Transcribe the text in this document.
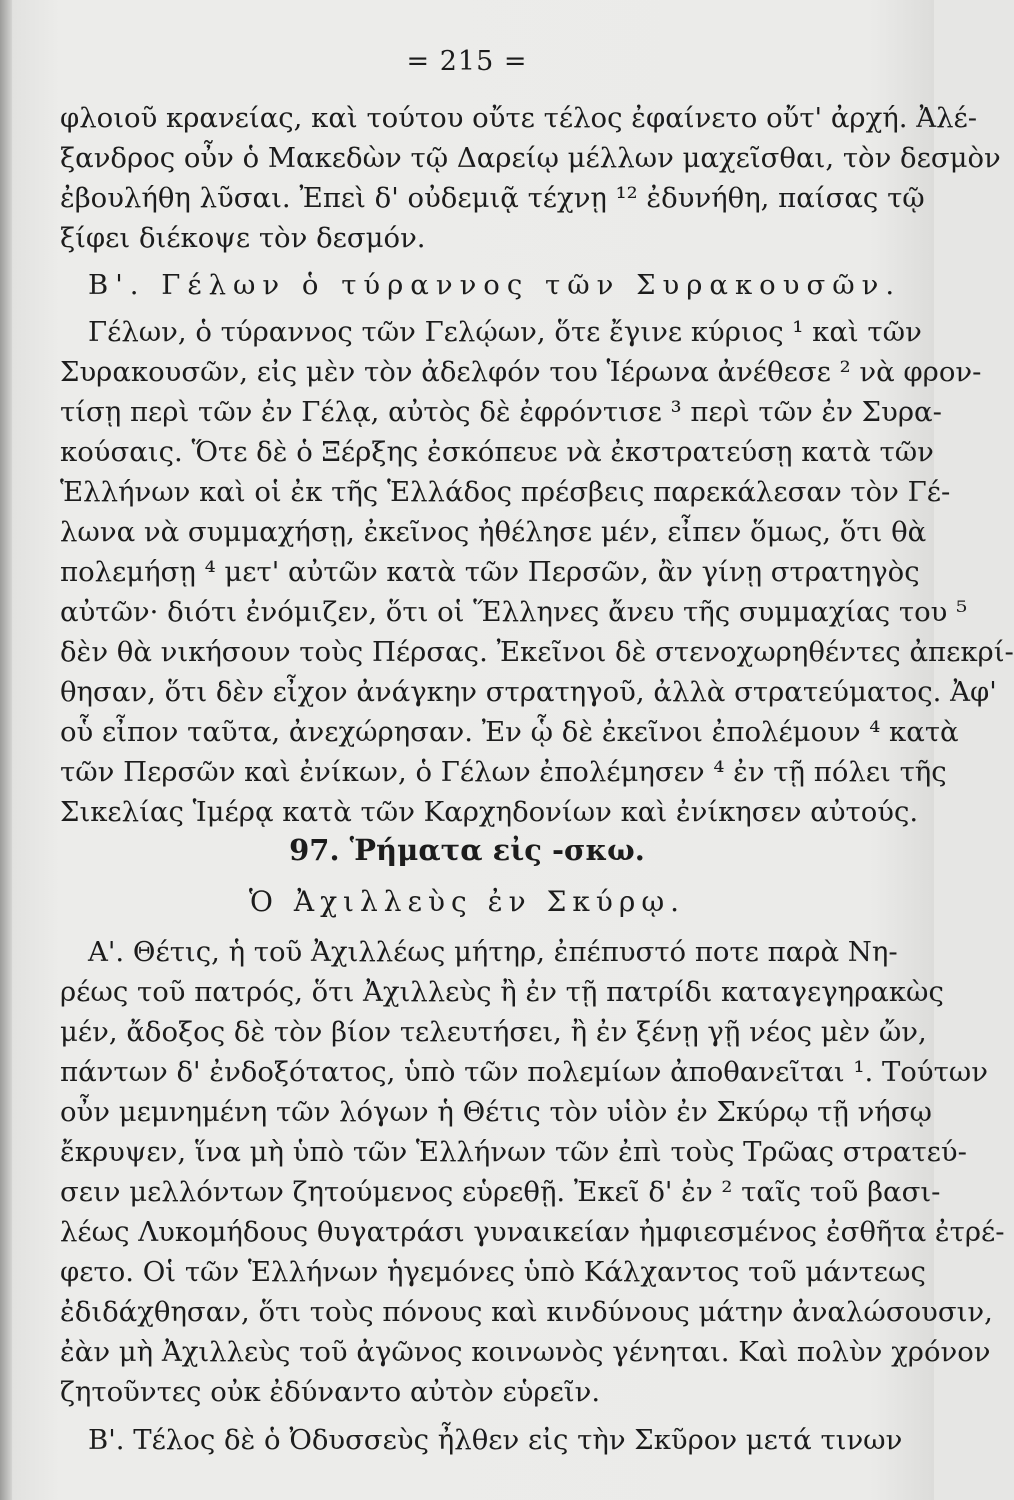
= 215 =
φλοιοῦ κρανείας, καὶ τούτου οὔτε τέλος ἐφαίνετο οὔτ' ἀρχή. Ἀλέ-
ξανδρος οὖν ὁ Μακεδὼν τῷ Δαρείῳ μέλλων μαχεῖσθαι, τὸν δεσμὸν
ἐβουλήθη λῦσαι. Ἐπεὶ δ' οὐδεμιᾷ τέχνῃ ¹² ἐδυνήθη, παίσας τῷ
ξίφει διέκοψε τὸν δεσμόν.
Β'. Γέλων ὁ τύραννος τῶν Συρακουσῶν.
Γέλων, ὁ τύραννος τῶν Γελῴων, ὅτε ἔγινε κύριος ¹ καὶ τῶν
Συρακουσῶν, εἰς μὲν τὸν ἀδελφόν του Ἱέρωνα ἀνέθεσε ² νὰ φρον-
τίσῃ περὶ τῶν ἐν Γέλᾳ, αὐτὸς δὲ ἐφρόντισε ³ περὶ τῶν ἐν Συρα-
κούσαις. Ὅτε δὲ ὁ Ξέρξης ἐσκόπευε νὰ ἐκστρατεύσῃ κατὰ τῶν
Ἑλλήνων καὶ οἱ ἐκ τῆς Ἑλλάδος πρέσβεις παρεκάλεσαν τὸν Γέ-
λωνα νὰ συμμαχήσῃ, ἐκεῖνος ἠθέλησε μέν, εἶπεν ὅμως, ὅτι θὰ
πολεμήσῃ ⁴ μετ' αὐτῶν κατὰ τῶν Περσῶν, ἂν γίνῃ στρατηγὸς
αὐτῶν· διότι ἐνόμιζεν, ὅτι οἱ Ἕλληνες ἄνευ τῆς συμμαχίας του ⁵
δὲν θὰ νικήσουν τοὺς Πέρσας. Ἐκεῖνοι δὲ στενοχωρηθέντες ἀπεκρί-
θησαν, ὅτι δὲν εἶχον ἀνάγκην στρατηγοῦ, ἀλλὰ στρατεύματος. Ἀφ'
οὗ εἶπον ταῦτα, ἀνεχώρησαν. Ἐν ᾧ δὲ ἐκεῖνοι ἐπολέμουν ⁴ κατὰ
τῶν Περσῶν καὶ ἐνίκων, ὁ Γέλων ἐπολέμησεν ⁴ ἐν τῇ πόλει τῆς
Σικελίας Ἱμέρᾳ κατὰ τῶν Καρχηδονίων καὶ ἐνίκησεν αὐτούς.
97. Ῥήματα εἰς -σκω.
Ὁ Ἀχιλλεὺς ἐν Σκύρῳ.
Α'. Θέτις, ἡ τοῦ Ἀχιλλέως μήτηρ, ἐπέπυστό ποτε παρὰ Νη-
ρέως τοῦ πατρός, ὅτι Ἀχιλλεὺς ἢ ἐν τῇ πατρίδι καταγεγηρακὼς
μέν, ἄδοξος δὲ τὸν βίον τελευτήσει, ἢ ἐν ξένῃ γῇ νέος μὲν ὤν,
πάντων δ' ἐνδοξότατος, ὑπὸ τῶν πολεμίων ἀποθανεῖται ¹. Τούτων
οὖν μεμνημένη τῶν λόγων ἡ Θέτις τὸν υἱὸν ἐν Σκύρῳ τῇ νήσῳ
ἔκρυψεν, ἵνα μὴ ὑπὸ τῶν Ἑλλήνων τῶν ἐπὶ τοὺς Τρῶας στρατεύ-
σειν μελλόντων ζητούμενος εὑρεθῇ. Ἐκεῖ δ' ἐν ² ταῖς τοῦ βασι-
λέως Λυκομήδους θυγατράσι γυναικείαν ἠμφιεσμένος ἐσθῆτα ἐτρέ-
φετο. Οἱ τῶν Ἑλλήνων ἡγεμόνες ὑπὸ Κάλχαντος τοῦ μάντεως
ἐδιδάχθησαν, ὅτι τοὺς πόνους καὶ κινδύνους μάτην ἀναλώσουσιν,
ἐὰν μὴ Ἀχιλλεὺς τοῦ ἀγῶνος κοινωνὸς γένηται. Καὶ πολὺν χρόνον
ζητοῦντες οὐκ ἐδύναντο αὐτὸν εὑρεῖν.
Β'. Τέλος δὲ ὁ Ὀδυσσεὺς ἦλθεν εἰς τὴν Σκῦρον μετά τινων
